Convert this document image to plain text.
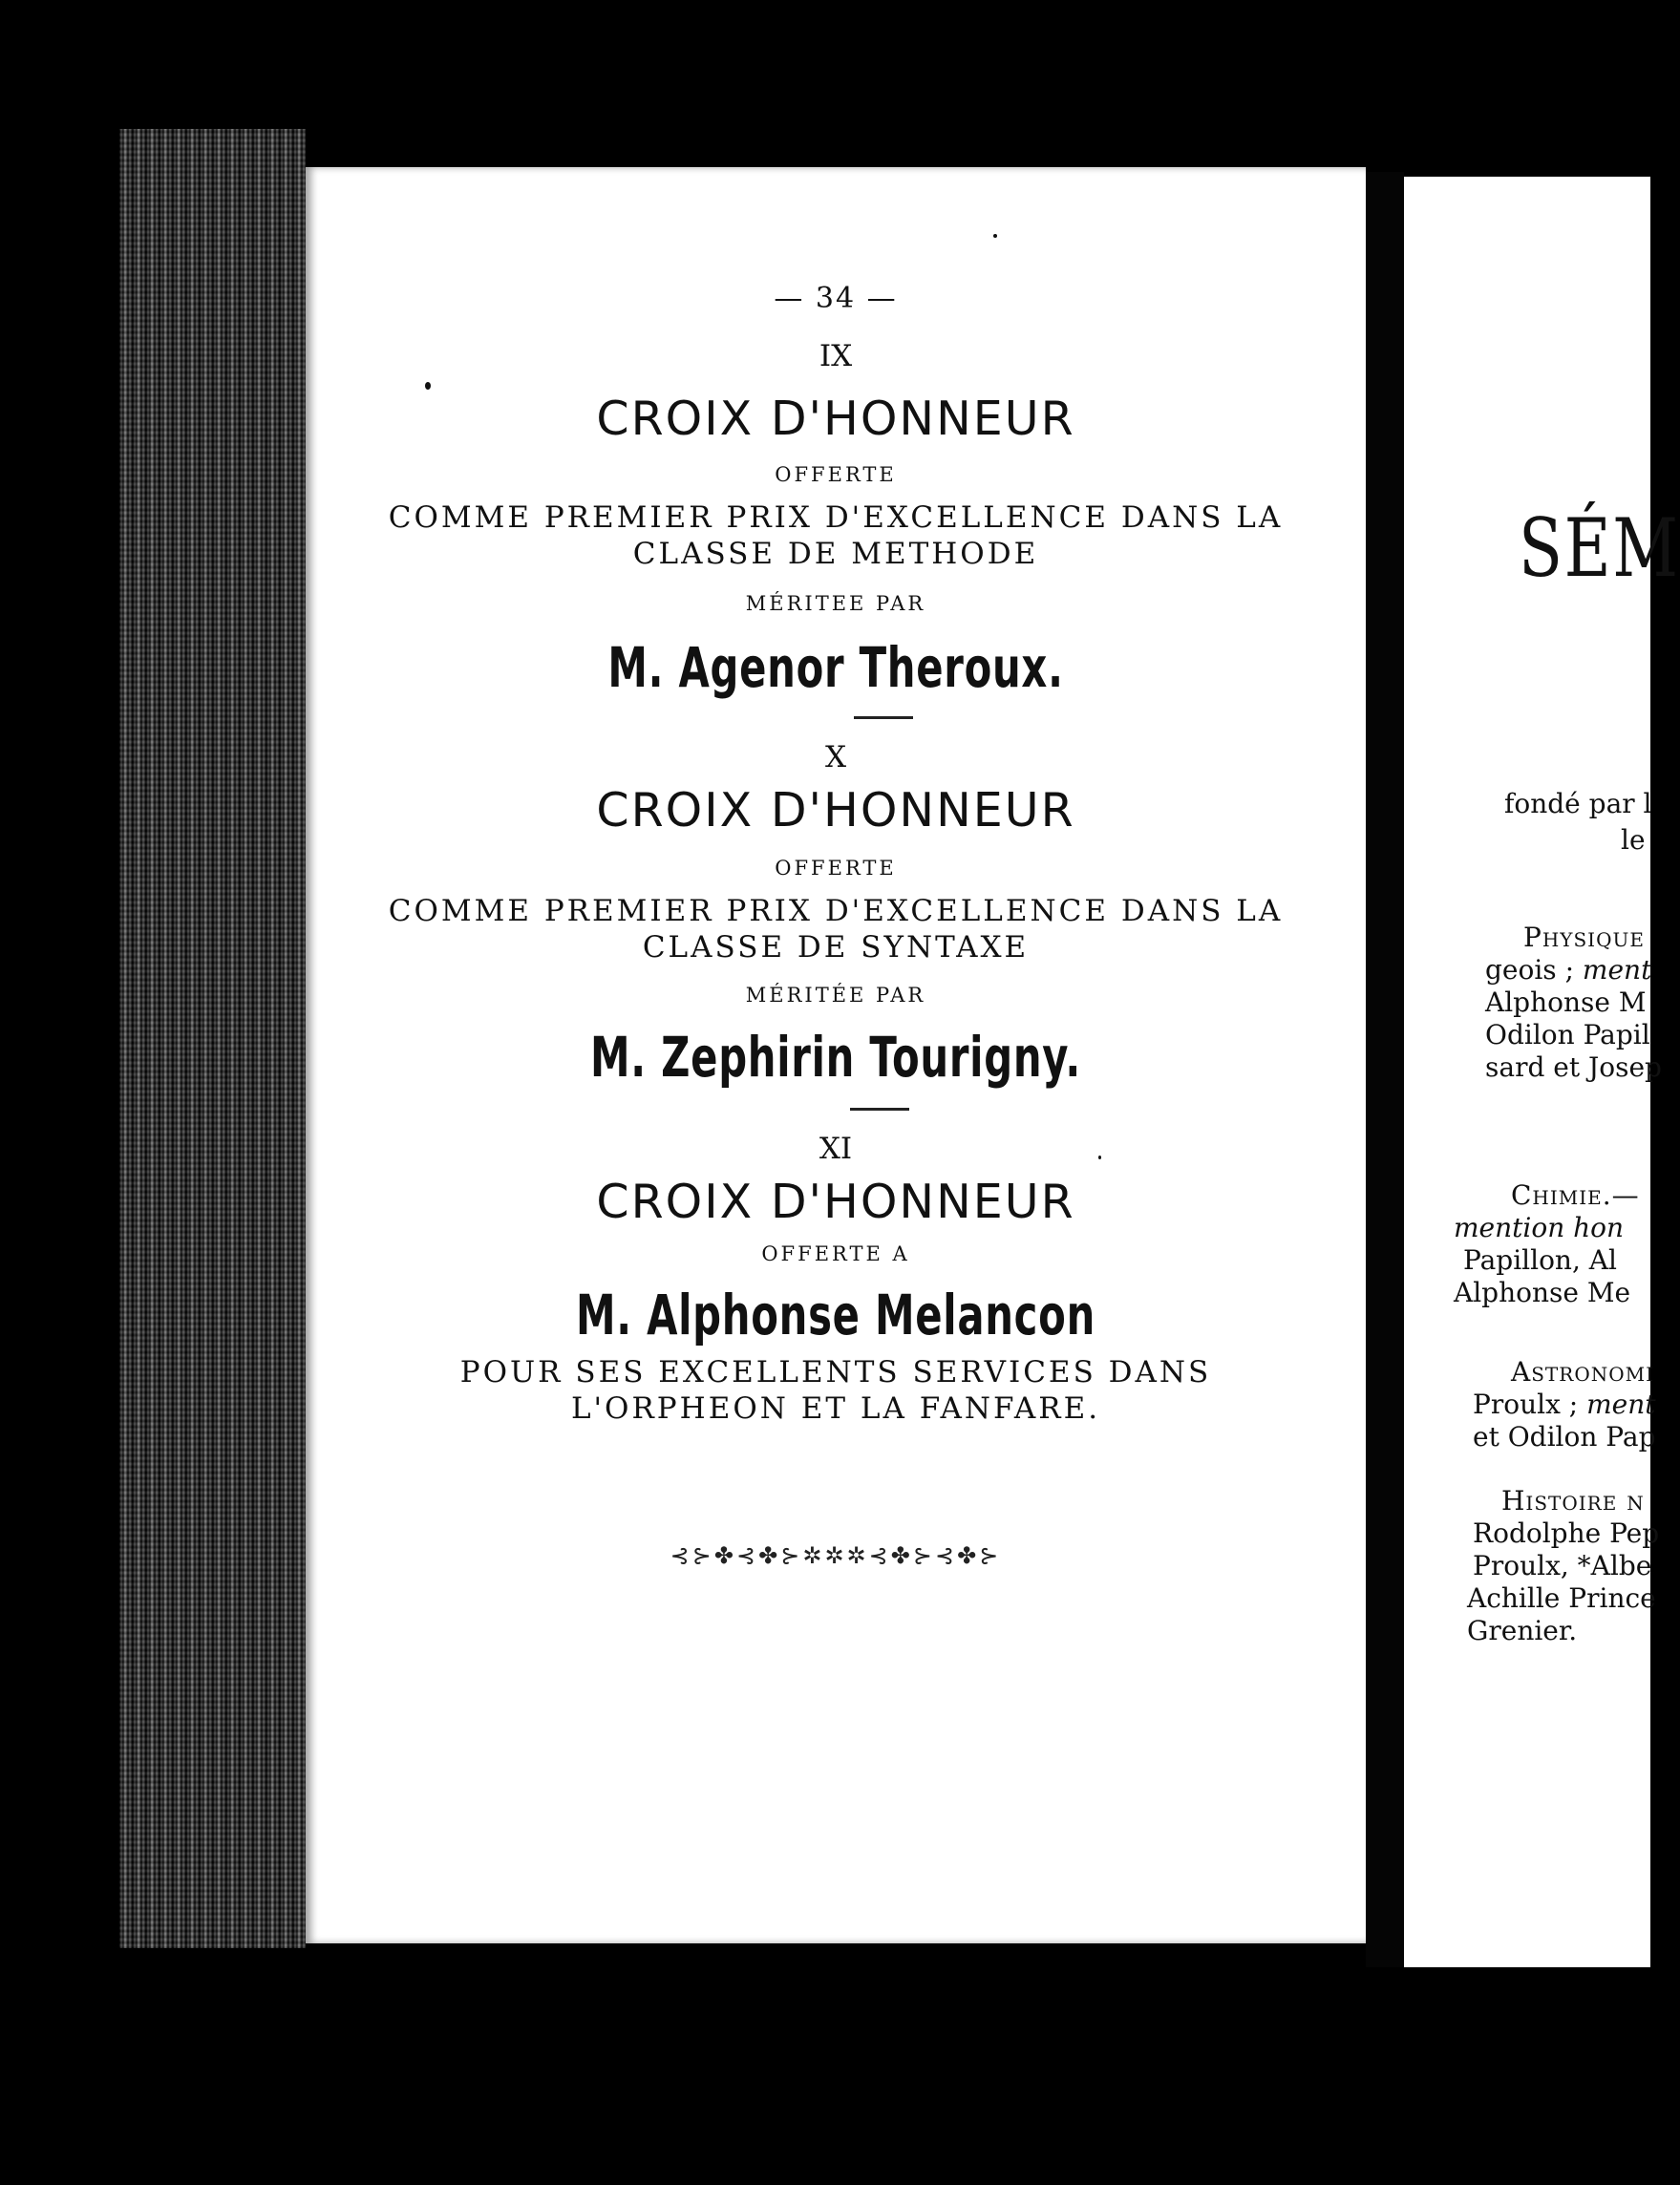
— 34 —
IX
CROIX D'HONNEUR
OFFERTE
COMME PREMIER PRIX D'EXCELLENCE DANS LA
CLASSE DE METHODE
MÉRITEE PAR
M. Agenor Theroux.
X
CROIX D'HONNEUR
OFFERTE
COMME PREMIER PRIX D'EXCELLENCE DANS LA
CLASSE DE SYNTAXE
MÉRITÉE PAR
M. Zephirin Tourigny.
XI
CROIX D'HONNEUR
OFFERTE A
M. Alphonse Melancon
POUR SES EXCELLENTS SERVICES DANS
L'ORPHEON ET LA FANFARE.
⊰⊱✤⊰✤⊱✲✲✲⊰✤⊱⊰✤⊱
SÉM
fondé par l
le
Physique
geois ; ment
Alphonse M
Odilon Papil
sard et Josep
Chimie.—
mention hon
Papillon, Al
Alphonse Me
Astronomi
Proulx ; ment
et Odilon Pap
Histoire n
Rodolphe Pep
Proulx, *Albe
Achille Prince
Grenier.
